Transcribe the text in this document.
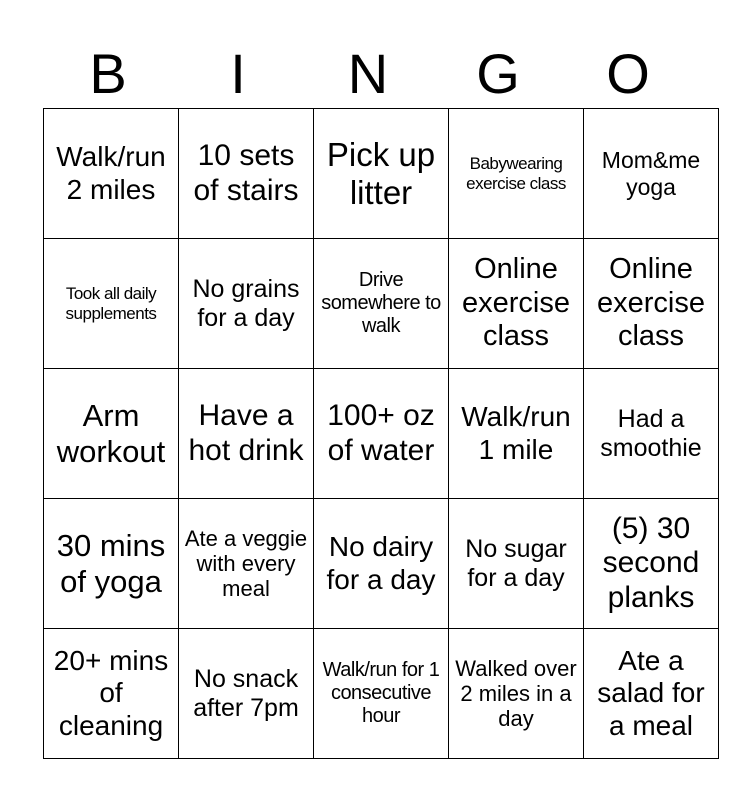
B	I	N	G	O
Walk/run 2 miles	10 sets of stairs	Pick up litter	Babywearing exercise class	Mom&me yoga
Took all daily supplements	No grains for a day	Drive somewhere to walk	Online exercise class	Online exercise class
Arm workout	Have a hot drink	100+ oz of water	Walk/run 1 mile	Had a smoothie
30 mins of yoga	Ate a veggie with every meal	No dairy for a day	No sugar for a day	(5) 30 second planks
20+ mins of cleaning	No snack after 7pm	Walk/run for 1 consecutive hour	Walked over 2 miles in a day	Ate a salad for a meal
